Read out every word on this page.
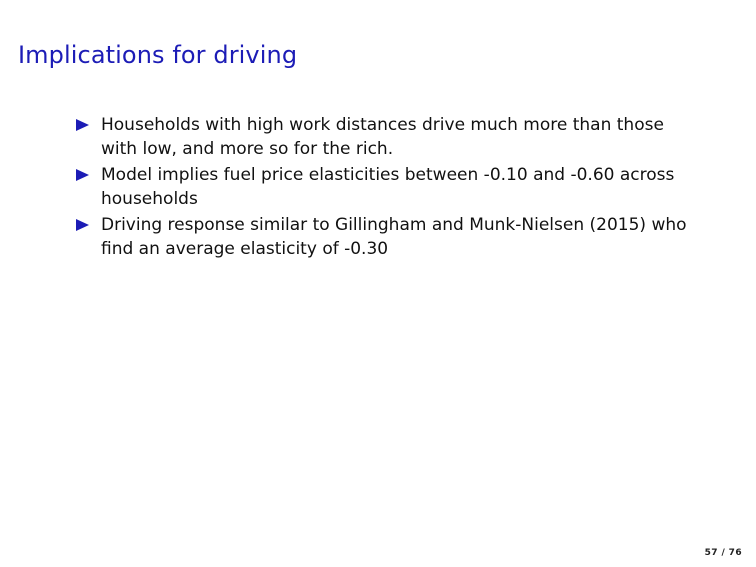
Implications for driving
Households with high work distances drive much more than those with low, and more so for the rich.
Model implies fuel price elasticities between -0.10 and -0.60 across households
Driving response similar to Gillingham and Munk-Nielsen (2015) who find an average elasticity of -0.30
57 / 76
